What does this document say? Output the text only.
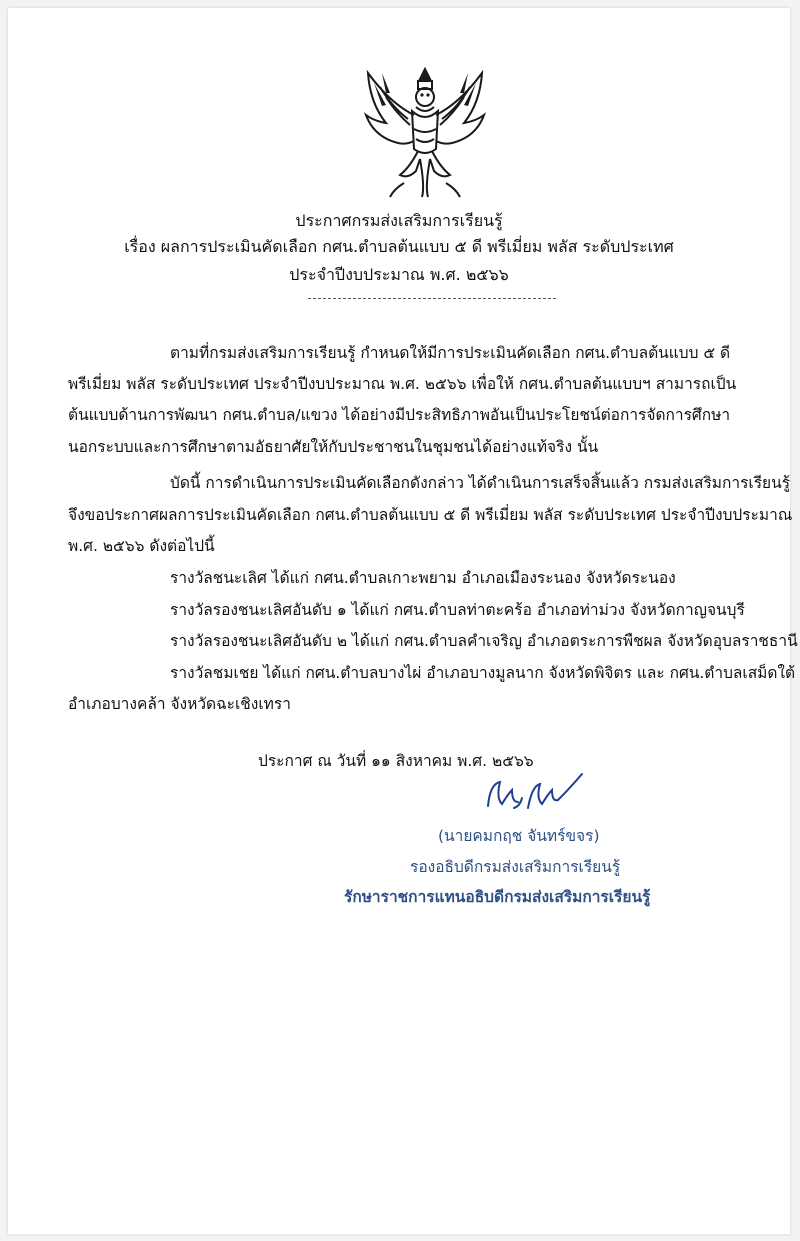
ประกาศกรมส่งเสริมการเรียนรู้
เรื่อง ผลการประเมินคัดเลือก กศน.ตำบลต้นแบบ ๕ ดี พรีเมี่ยม พลัส ระดับประเทศ
ประจำปีงบประมาณ พ.ศ. ๒๕๖๖
ตามที่กรมส่งเสริมการเรียนรู้ กำหนดให้มีการประเมินคัดเลือก กศน.ตำบลต้นแบบ ๕ ดี
พรีเมี่ยม พลัส ระดับประเทศ ประจำปีงบประมาณ พ.ศ. ๒๕๖๖ เพื่อให้ กศน.ตำบลต้นแบบฯ สามารถเป็น
ต้นแบบด้านการพัฒนา กศน.ตำบล/แขวง ได้อย่างมีประสิทธิภาพอันเป็นประโยชน์ต่อการจัดการศึกษา
นอกระบบและการศึกษาตามอัธยาศัยให้กับประชาชนในชุมชนได้อย่างแท้จริง นั้น
บัดนี้ การดำเนินการประเมินคัดเลือกดังกล่าว ได้ดำเนินการเสร็จสิ้นแล้ว กรมส่งเสริมการเรียนรู้
จึงขอประกาศผลการประเมินคัดเลือก กศน.ตำบลต้นแบบ ๕ ดี พรีเมี่ยม พลัส ระดับประเทศ ประจำปีงบประมาณ
พ.ศ. ๒๕๖๖ ดังต่อไปนี้
รางวัลชนะเลิศ ได้แก่ กศน.ตำบลเกาะพยาม อำเภอเมืองระนอง จังหวัดระนอง
รางวัลรองชนะเลิศอันดับ ๑ ได้แก่ กศน.ตำบลท่าตะคร้อ อำเภอท่าม่วง จังหวัดกาญจนบุรี
รางวัลรองชนะเลิศอันดับ ๒ ได้แก่ กศน.ตำบลคำเจริญ อำเภอตระการพืชผล จังหวัดอุบลราชธานี
รางวัลชมเชย ได้แก่ กศน.ตำบลบางไผ่ อำเภอบางมูลนาก จังหวัดพิจิตร และ กศน.ตำบลเสม็ดใต้
อำเภอบางคล้า จังหวัดฉะเชิงเทรา
ประกาศ ณ วันที่ ๑๑ สิงหาคม พ.ศ. ๒๕๖๖
(นายคมกฤช จันทร์ขจร)
รองอธิบดีกรมส่งเสริมการเรียนรู้
รักษาราชการแทนอธิบดีกรมส่งเสริมการเรียนรู้
